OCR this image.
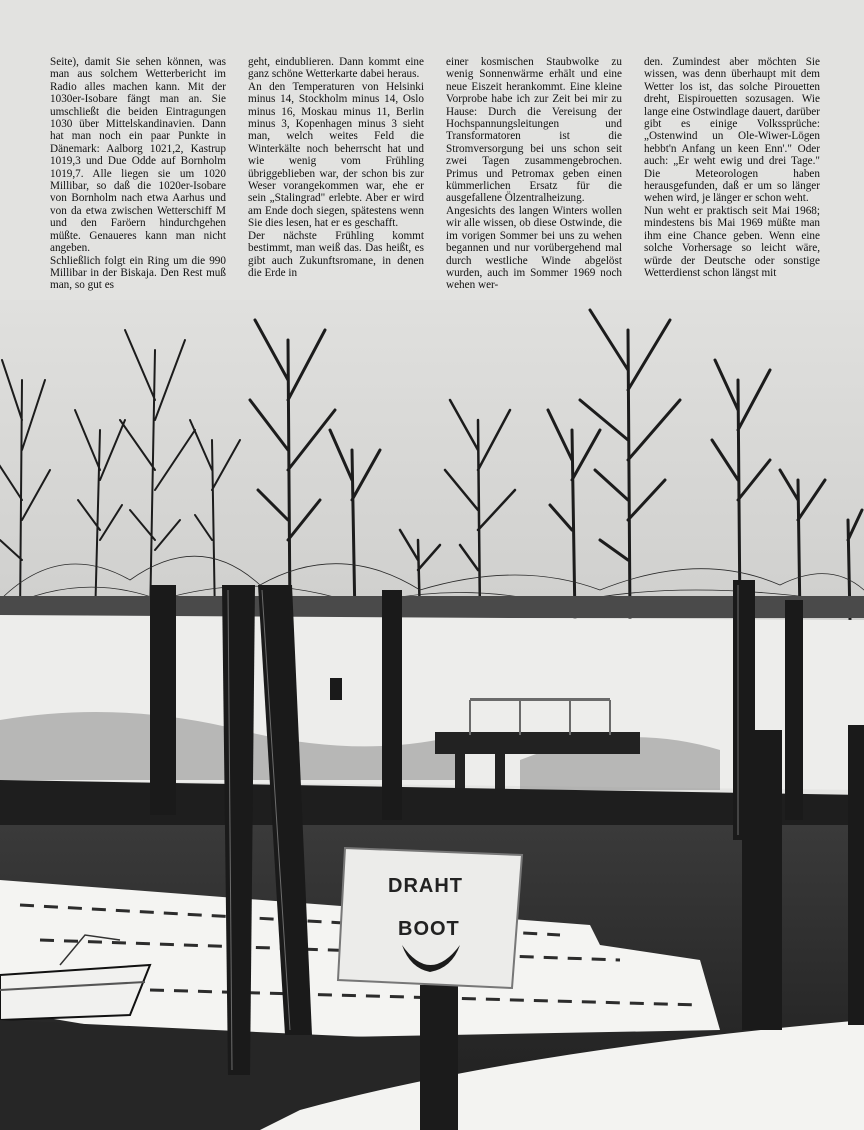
Seite), damit Sie sehen können, was man aus solchem Wetterbericht im Radio alles machen kann. Mit der 1030er-Isobare fängt man an. Sie umschließt die beiden Eintragungen 1030 über Mittelskandinavien. Dann hat man noch ein paar Punkte in Dänemark: Aalborg 1021,2, Kastrup 1019,3 und Due Odde auf Bornholm 1019,7. Alle liegen sie um 1020 Millibar, so daß die 1020er-Isobare von Bornholm nach etwa Aarhus und von da etwa zwischen Wetterschiff M und den Faröern hindurchgehen müßte. Genaueres kann man nicht angeben.

Schließlich folgt ein Ring um die 990 Millibar in der Biskaja. Den Rest muß man, so gut es

geht, eindublieren. Dann kommt eine ganz schöne Wetterkarte dabei heraus.

An den Temperaturen von Helsinki minus 14, Stockholm minus 14, Oslo minus 16, Moskau minus 11, Berlin minus 3, Kopenhagen minus 3 sieht man, welch weites Feld die Winterkälte noch beherrscht hat und wie wenig vom Frühling übriggeblieben war, der schon bis zur Weser vorangekommen war, ehe er sein „Stalingrad" erlebte. Aber er wird am Ende doch siegen, spätestens wenn Sie dies lesen, hat er es geschafft.

Der nächste Frühling kommt bestimmt, man weiß das. Das heißt, es gibt auch Zukunftsromane, in denen die Erde in

einer kosmischen Staubwolke zu wenig Sonnenwärme erhält und eine neue Eiszeit herankommt. Eine kleine Vorprobe habe ich zur Zeit bei mir zu Hause: Durch die Vereisung der Hochspannungsleitungen und Transformatoren ist die Stromversorgung bei uns schon seit zwei Tagen zusammengebrochen. Primus und Petromax geben einen kümmerlichen Ersatz für die ausgefallene Ölzentralheizung.

Angesichts des langen Winters wollen wir alle wissen, ob diese Ostwinde, die im vorigen Sommer bei uns zu wehen begannen und nur vorübergehend mal durch westliche Winde abgelöst wurden, auch im Sommer 1969 noch wehen wer-

den. Zumindest aber möchten Sie wissen, was denn überhaupt mit dem Wetter los ist, das solche Pirouetten dreht, Eispirouetten sozusagen. Wie lange eine Ostwindlage dauert, darüber gibt es einige Volkssprüche: „Ostenwind un Ole-Wiwer-Lögen hebbt'n Anfang un keen Enn'." Oder auch: „Er weht ewig und drei Tage." Die Meteorologen haben herausgefunden, daß er um so länger wehen wird, je länger er schon weht.

Nun weht er praktisch seit Mai 1968; mindestens bis Mai 1969 müßte man ihm eine Chance geben. Wenn eine solche Vorhersage so leicht wäre, würde der Deutsche oder sonstige Wetterdienst schon längst mit

DRAHT
BOOT
